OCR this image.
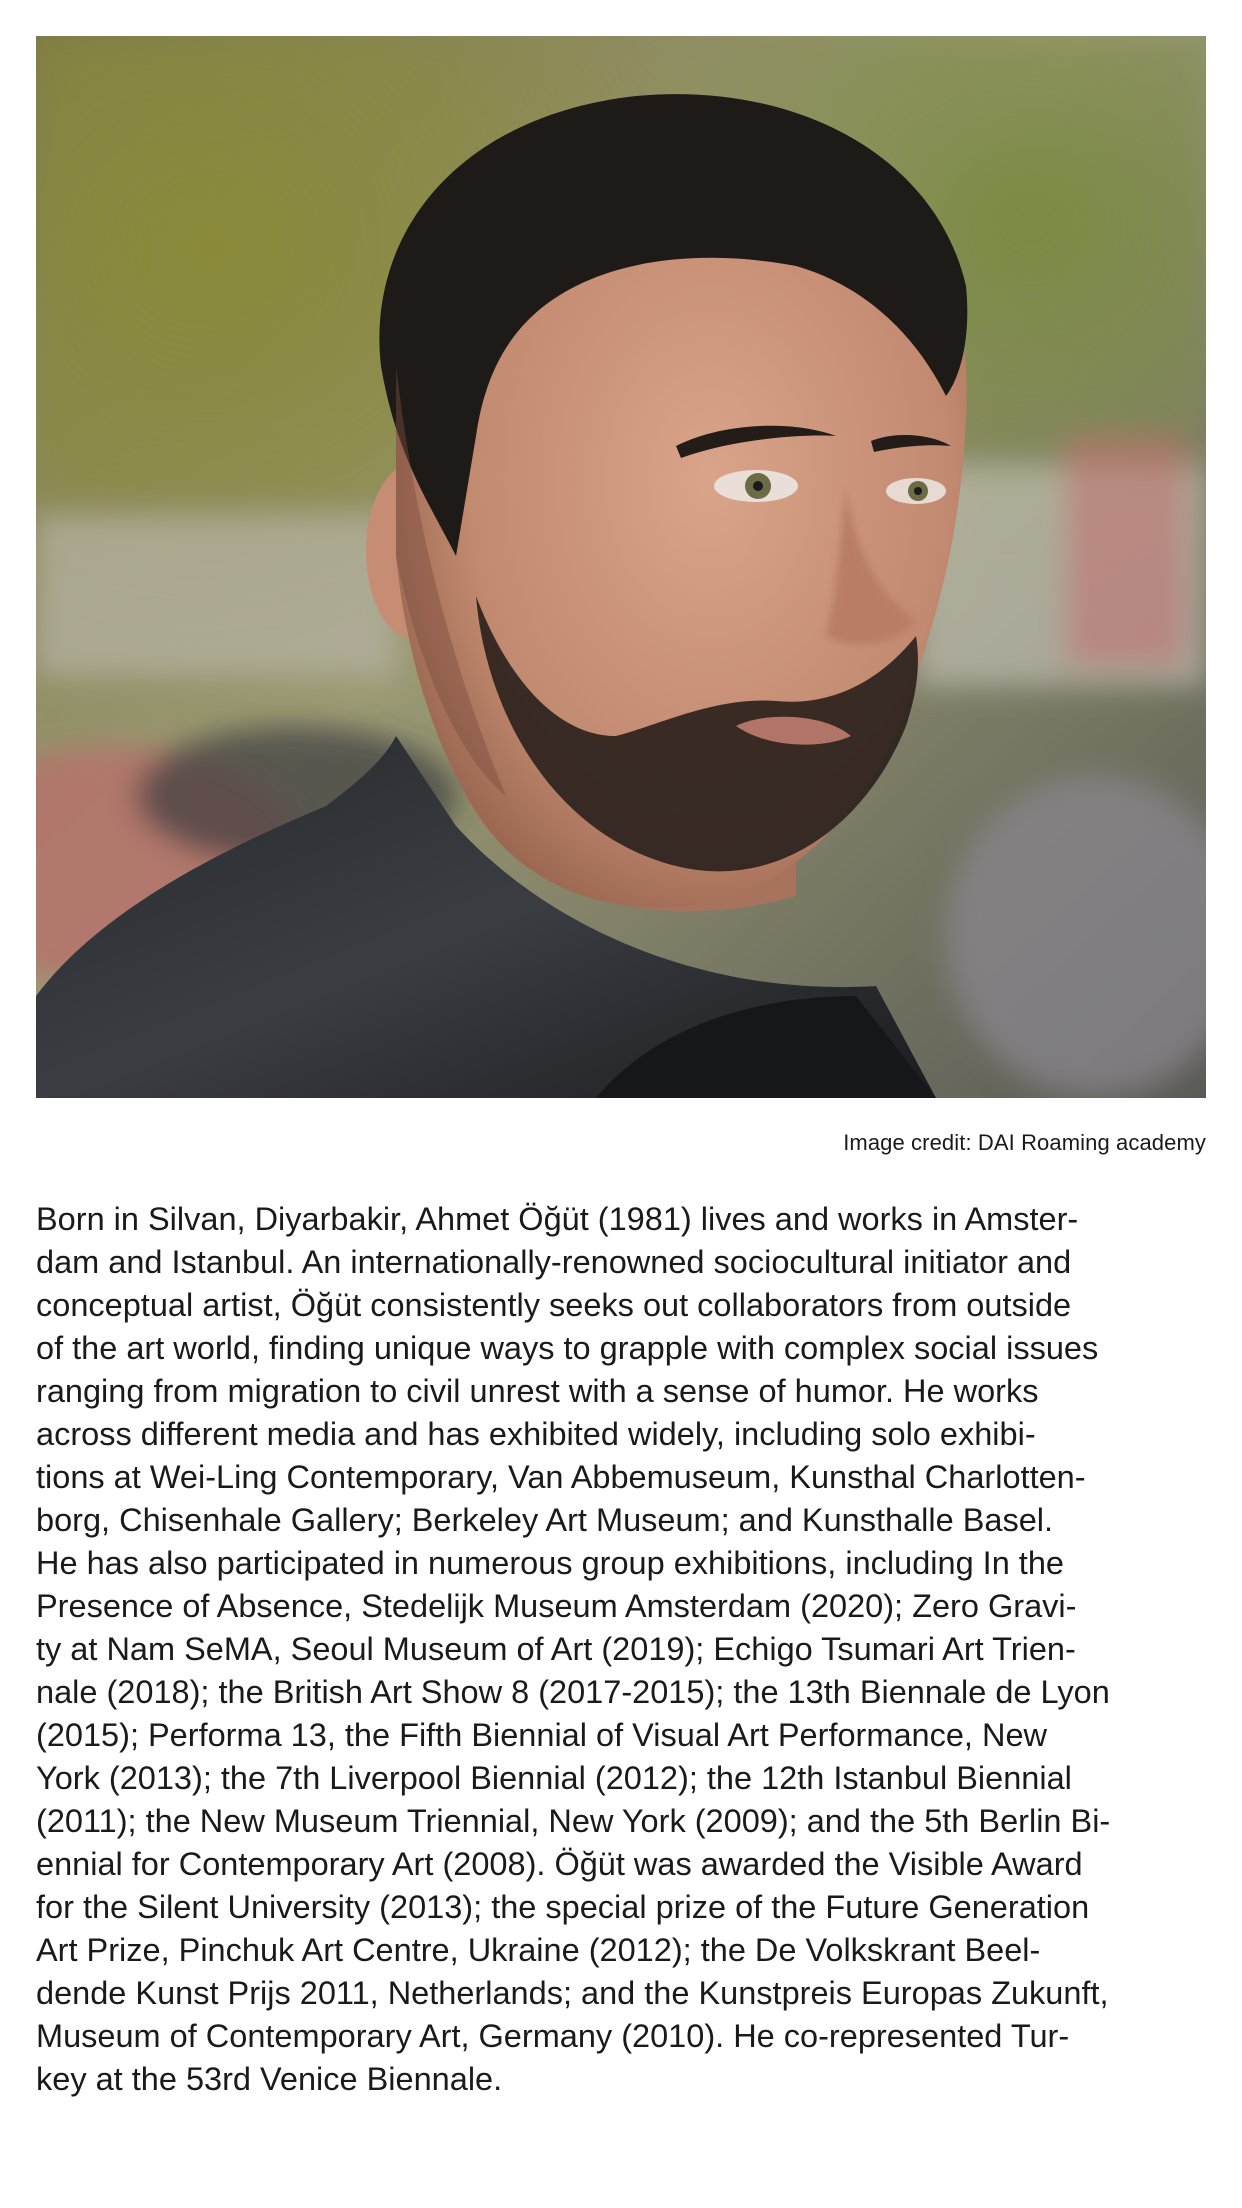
Image credit: DAI Roaming academy
Born in Silvan, Diyarbakir, Ahmet Öğüt (1981) lives and works in Amster-
dam and Istanbul. An internationally-renowned sociocultural initiator and
conceptual artist, Öğüt consistently seeks out collaborators from outside
of the art world, finding unique ways to grapple with complex social issues
ranging from migration to civil unrest with a sense of humor. He works
across different media and has exhibited widely, including solo exhibi-
tions at Wei-Ling Contemporary, Van Abbemuseum, Kunsthal Charlotten-
borg, Chisenhale Gallery; Berkeley Art Museum; and Kunsthalle Basel.
He has also participated in numerous group exhibitions, including In the
Presence of Absence, Stedelijk Museum Amsterdam (2020); Zero Gravi-
ty at Nam SeMA, Seoul Museum of Art (2019); Echigo Tsumari Art Trien-
nale (2018); the British Art Show 8 (2017-2015); the 13th Biennale de Lyon
(2015); Performa 13, the Fifth Biennial of Visual Art Performance, New
York (2013); the 7th Liverpool Biennial (2012); the 12th Istanbul Biennial
(2011); the New Museum Triennial, New York (2009); and the 5th Berlin Bi-
ennial for Contemporary Art (2008). Öğüt was awarded the Visible Award
for the Silent University (2013); the special prize of the Future Generation
Art Prize, Pinchuk Art Centre, Ukraine (2012); the De Volkskrant Beel-
dende Kunst Prijs 2011, Netherlands; and the Kunstpreis Europas Zukunft,
Museum of Contemporary Art, Germany (2010). He co-represented Tur-
key at the 53rd Venice Biennale.
